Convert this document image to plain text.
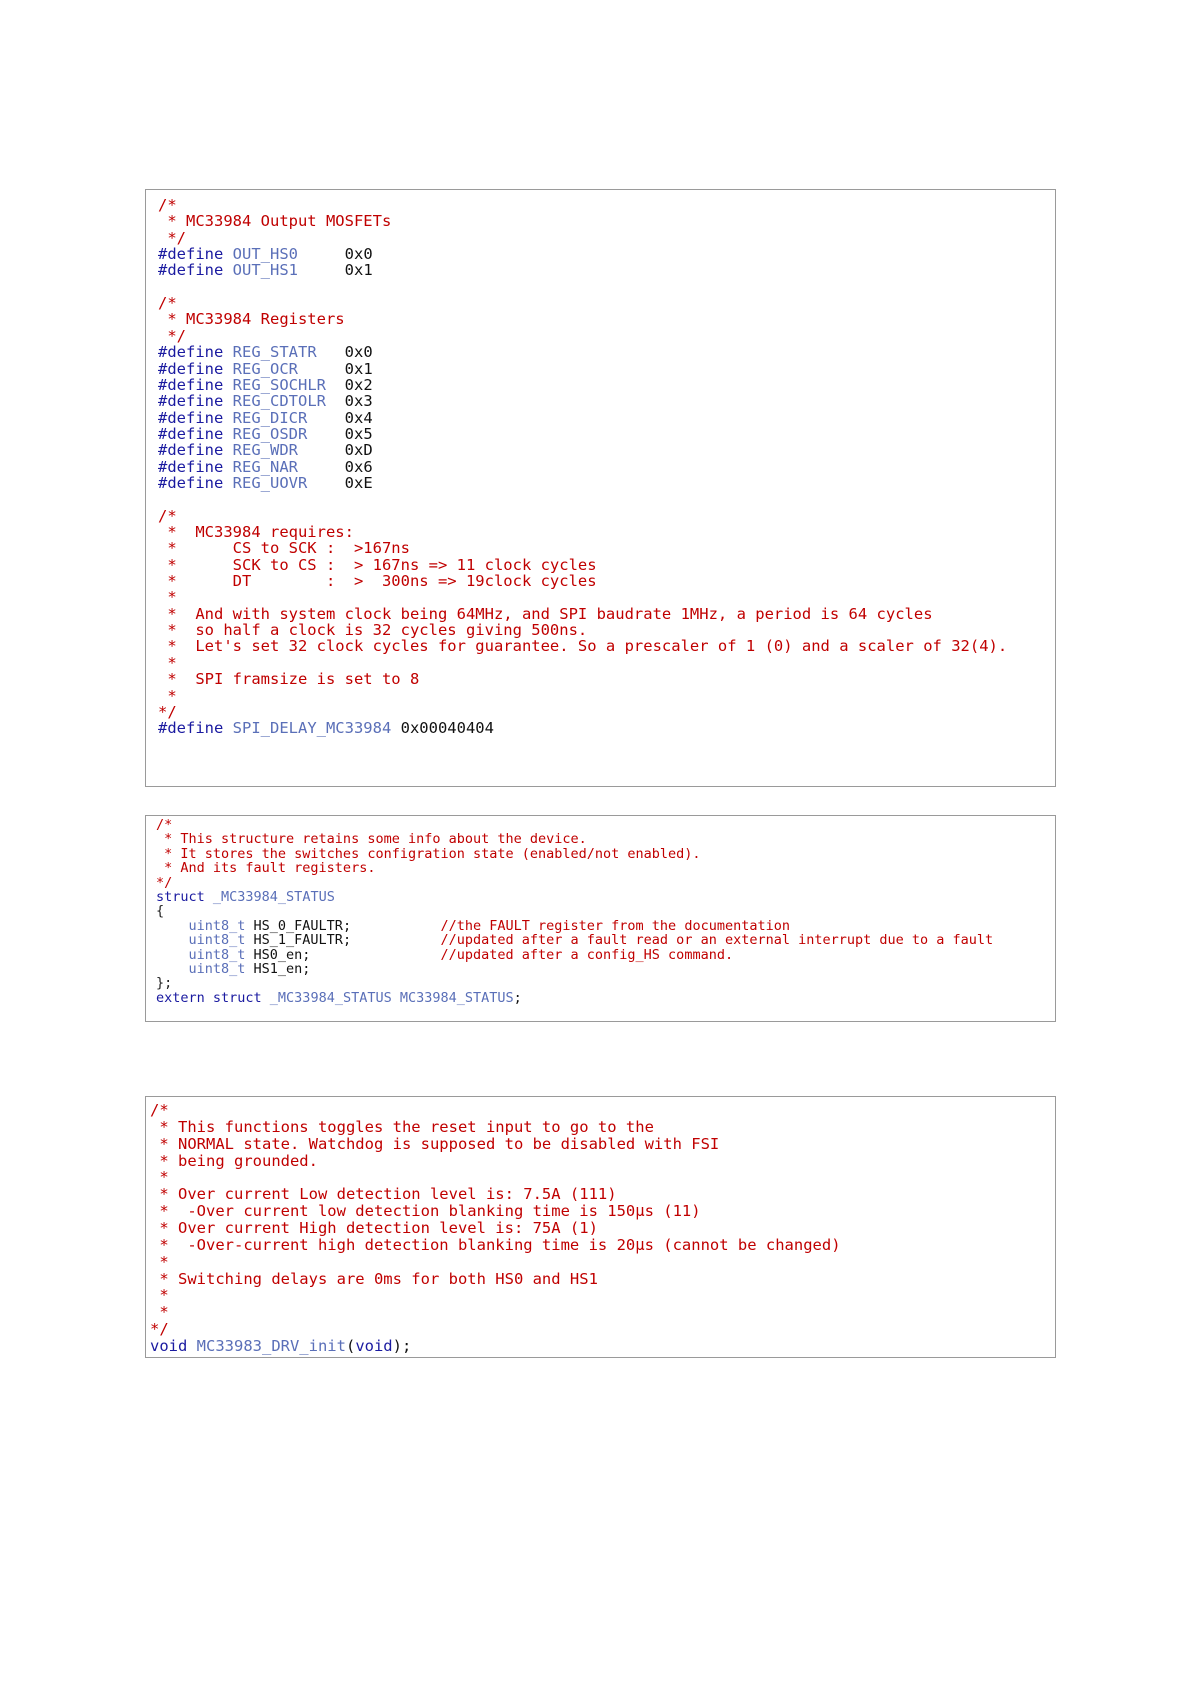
/*
* MC33984 Output MOSFETs
*/
#define OUT_HS0     0x0
#define OUT_HS1     0x1
/*
* MC33984 Registers
*/
#define REG_STATR   0x0
#define REG_OCR     0x1
#define REG_SOCHLR  0x2
#define REG_CDTOLR  0x3
#define REG_DICR    0x4
#define REG_OSDR    0x5
#define REG_WDR     0xD
#define REG_NAR     0x6
#define REG_UOVR    0xE
/*
*  MC33984 requires:
*      CS to SCK :  >167ns
*      SCK to CS :  > 167ns => 11 clock cycles
*      DT        :  >  300ns => 19clock cycles
*
*  And with system clock being 64MHz, and SPI baudrate 1MHz, a period is 64 cycles
*  so half a clock is 32 cycles giving 500ns.
*  Let's set 32 clock cycles for guarantee. So a prescaler of 1 (0) and a scaler of 32(4).
*
*  SPI framsize is set to 8
*
*/
#define SPI_DELAY_MC33984 0x00040404
/*
* This structure retains some info about the device.
* It stores the switches configration state (enabled/not enabled).
* And its fault registers.
*/
struct _MC33984_STATUS
{
uint8_t HS_0_FAULTR;           //the FAULT register from the documentation
uint8_t HS_1_FAULTR;           //updated after a fault read or an external interrupt due to a fault
uint8_t HS0_en;                //updated after a config_HS command.
uint8_t HS1_en;
};
extern struct _MC33984_STATUS MC33984_STATUS;
/*
* This functions toggles the reset input to go to the
* NORMAL state. Watchdog is supposed to be disabled with FSI
* being grounded.
*
* Over current Low detection level is: 7.5A (111)
*  -Over current low detection blanking time is 150μs (11)
* Over current High detection level is: 75A (1)
*  -Over-current high detection blanking time is 20μs (cannot be changed)
*
* Switching delays are 0ms for both HS0 and HS1
*
*
*/
void MC33983_DRV_init(void);
